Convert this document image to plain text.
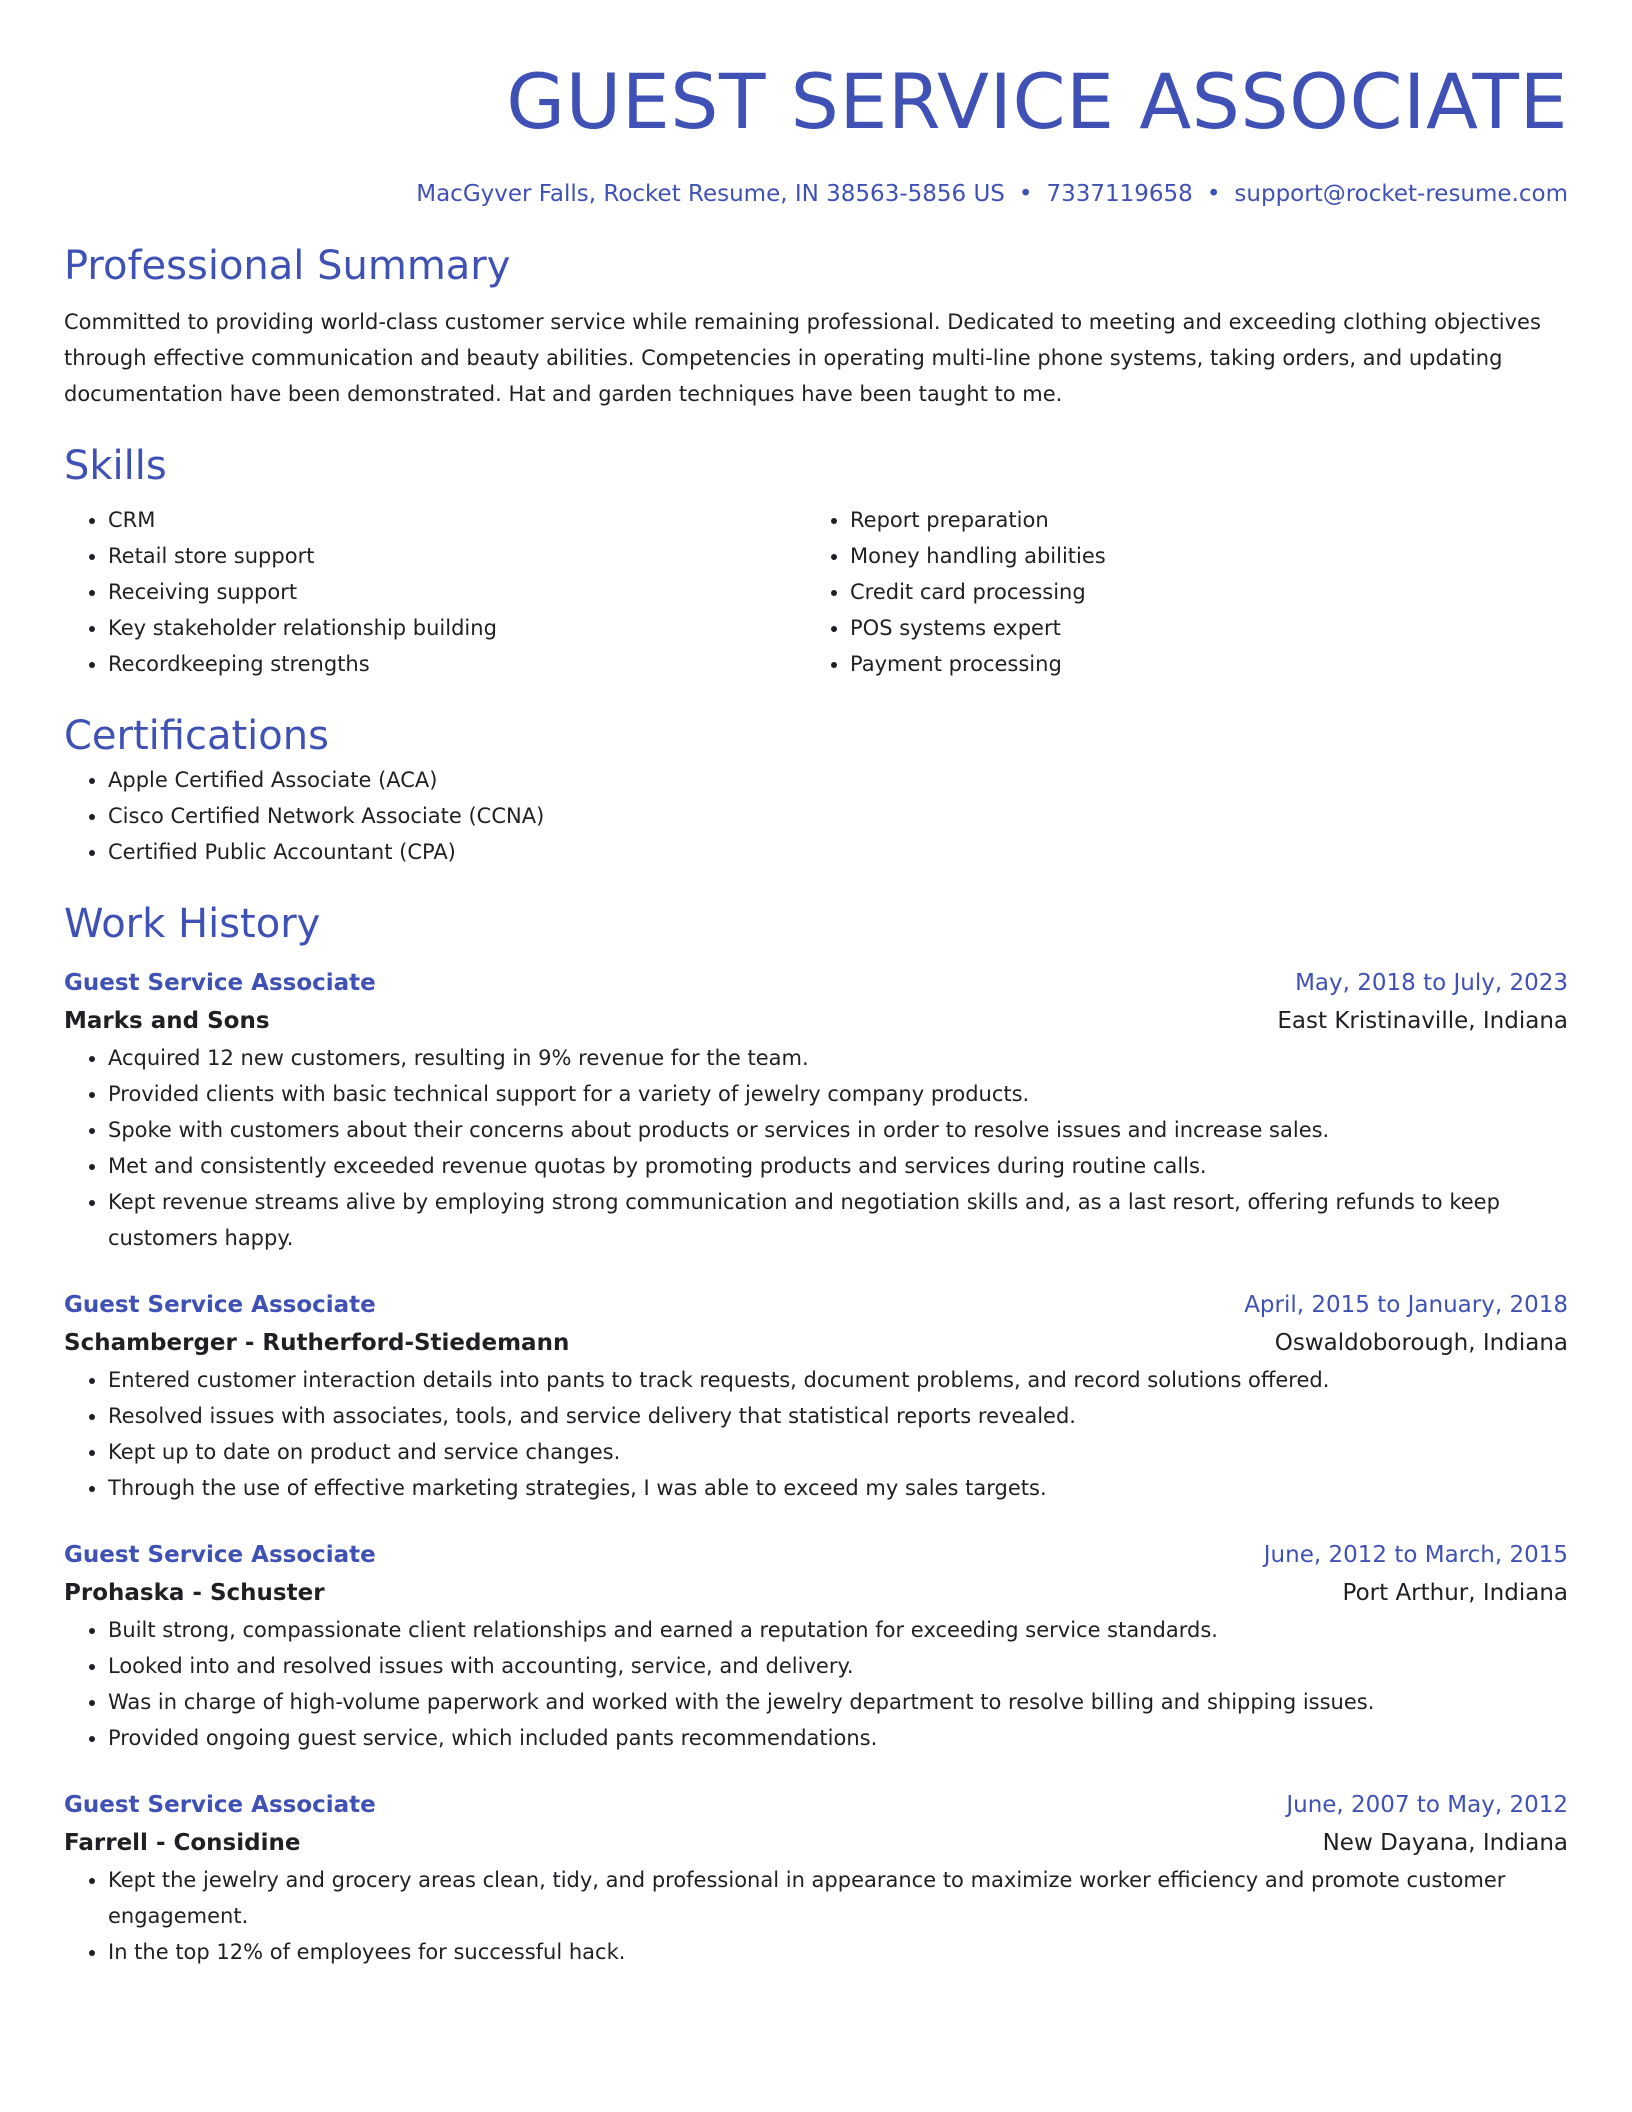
GUEST SERVICE ASSOCIATE
MacGyver Falls, Rocket Resume, IN 38563-5856 US • 7337119658 • support@rocket-resume.com
Professional Summary

Committed to providing world-class customer service while remaining professional. Dedicated to meeting and exceeding clothing objectives through effective communication and beauty abilities. Competencies in operating multi-line phone systems, taking orders, and updating documentation have been demonstrated. Hat and garden techniques have been taught to me.

Skills
• CRM
• Retail store support
• Receiving support
• Key stakeholder relationship building
• Recordkeeping strengths
• Report preparation
• Money handling abilities
• Credit card processing
• POS systems expert
• Payment processing
Certifications
• Apple Certified Associate (ACA)
• Cisco Certified Network Associate (CCNA)
• Certified Public Accountant (CPA)
Work History
Guest Service Associate	May, 2018 to July, 2023
Marks and Sons	East Kristinaville, Indiana
• Acquired 12 new customers, resulting in 9% revenue for the team.
• Provided clients with basic technical support for a variety of jewelry company products.
• Spoke with customers about their concerns about products or services in order to resolve issues and increase sales.
• Met and consistently exceeded revenue quotas by promoting products and services during routine calls.
• Kept revenue streams alive by employing strong communication and negotiation skills and, as a last resort, offering refunds to keep customers happy.
Guest Service Associate	April, 2015 to January, 2018
Schamberger - Rutherford-Stiedemann	Oswaldoborough, Indiana
• Entered customer interaction details into pants to track requests, document problems, and record solutions offered.
• Resolved issues with associates, tools, and service delivery that statistical reports revealed.
• Kept up to date on product and service changes.
• Through the use of effective marketing strategies, I was able to exceed my sales targets.
Guest Service Associate	June, 2012 to March, 2015
Prohaska - Schuster	Port Arthur, Indiana
• Built strong, compassionate client relationships and earned a reputation for exceeding service standards.
• Looked into and resolved issues with accounting, service, and delivery.
• Was in charge of high-volume paperwork and worked with the jewelry department to resolve billing and shipping issues.
• Provided ongoing guest service, which included pants recommendations.
Guest Service Associate	June, 2007 to May, 2012
Farrell - Considine	New Dayana, Indiana
• Kept the jewelry and grocery areas clean, tidy, and professional in appearance to maximize worker efficiency and promote customer engagement.
• In the top 12% of employees for successful hack.
